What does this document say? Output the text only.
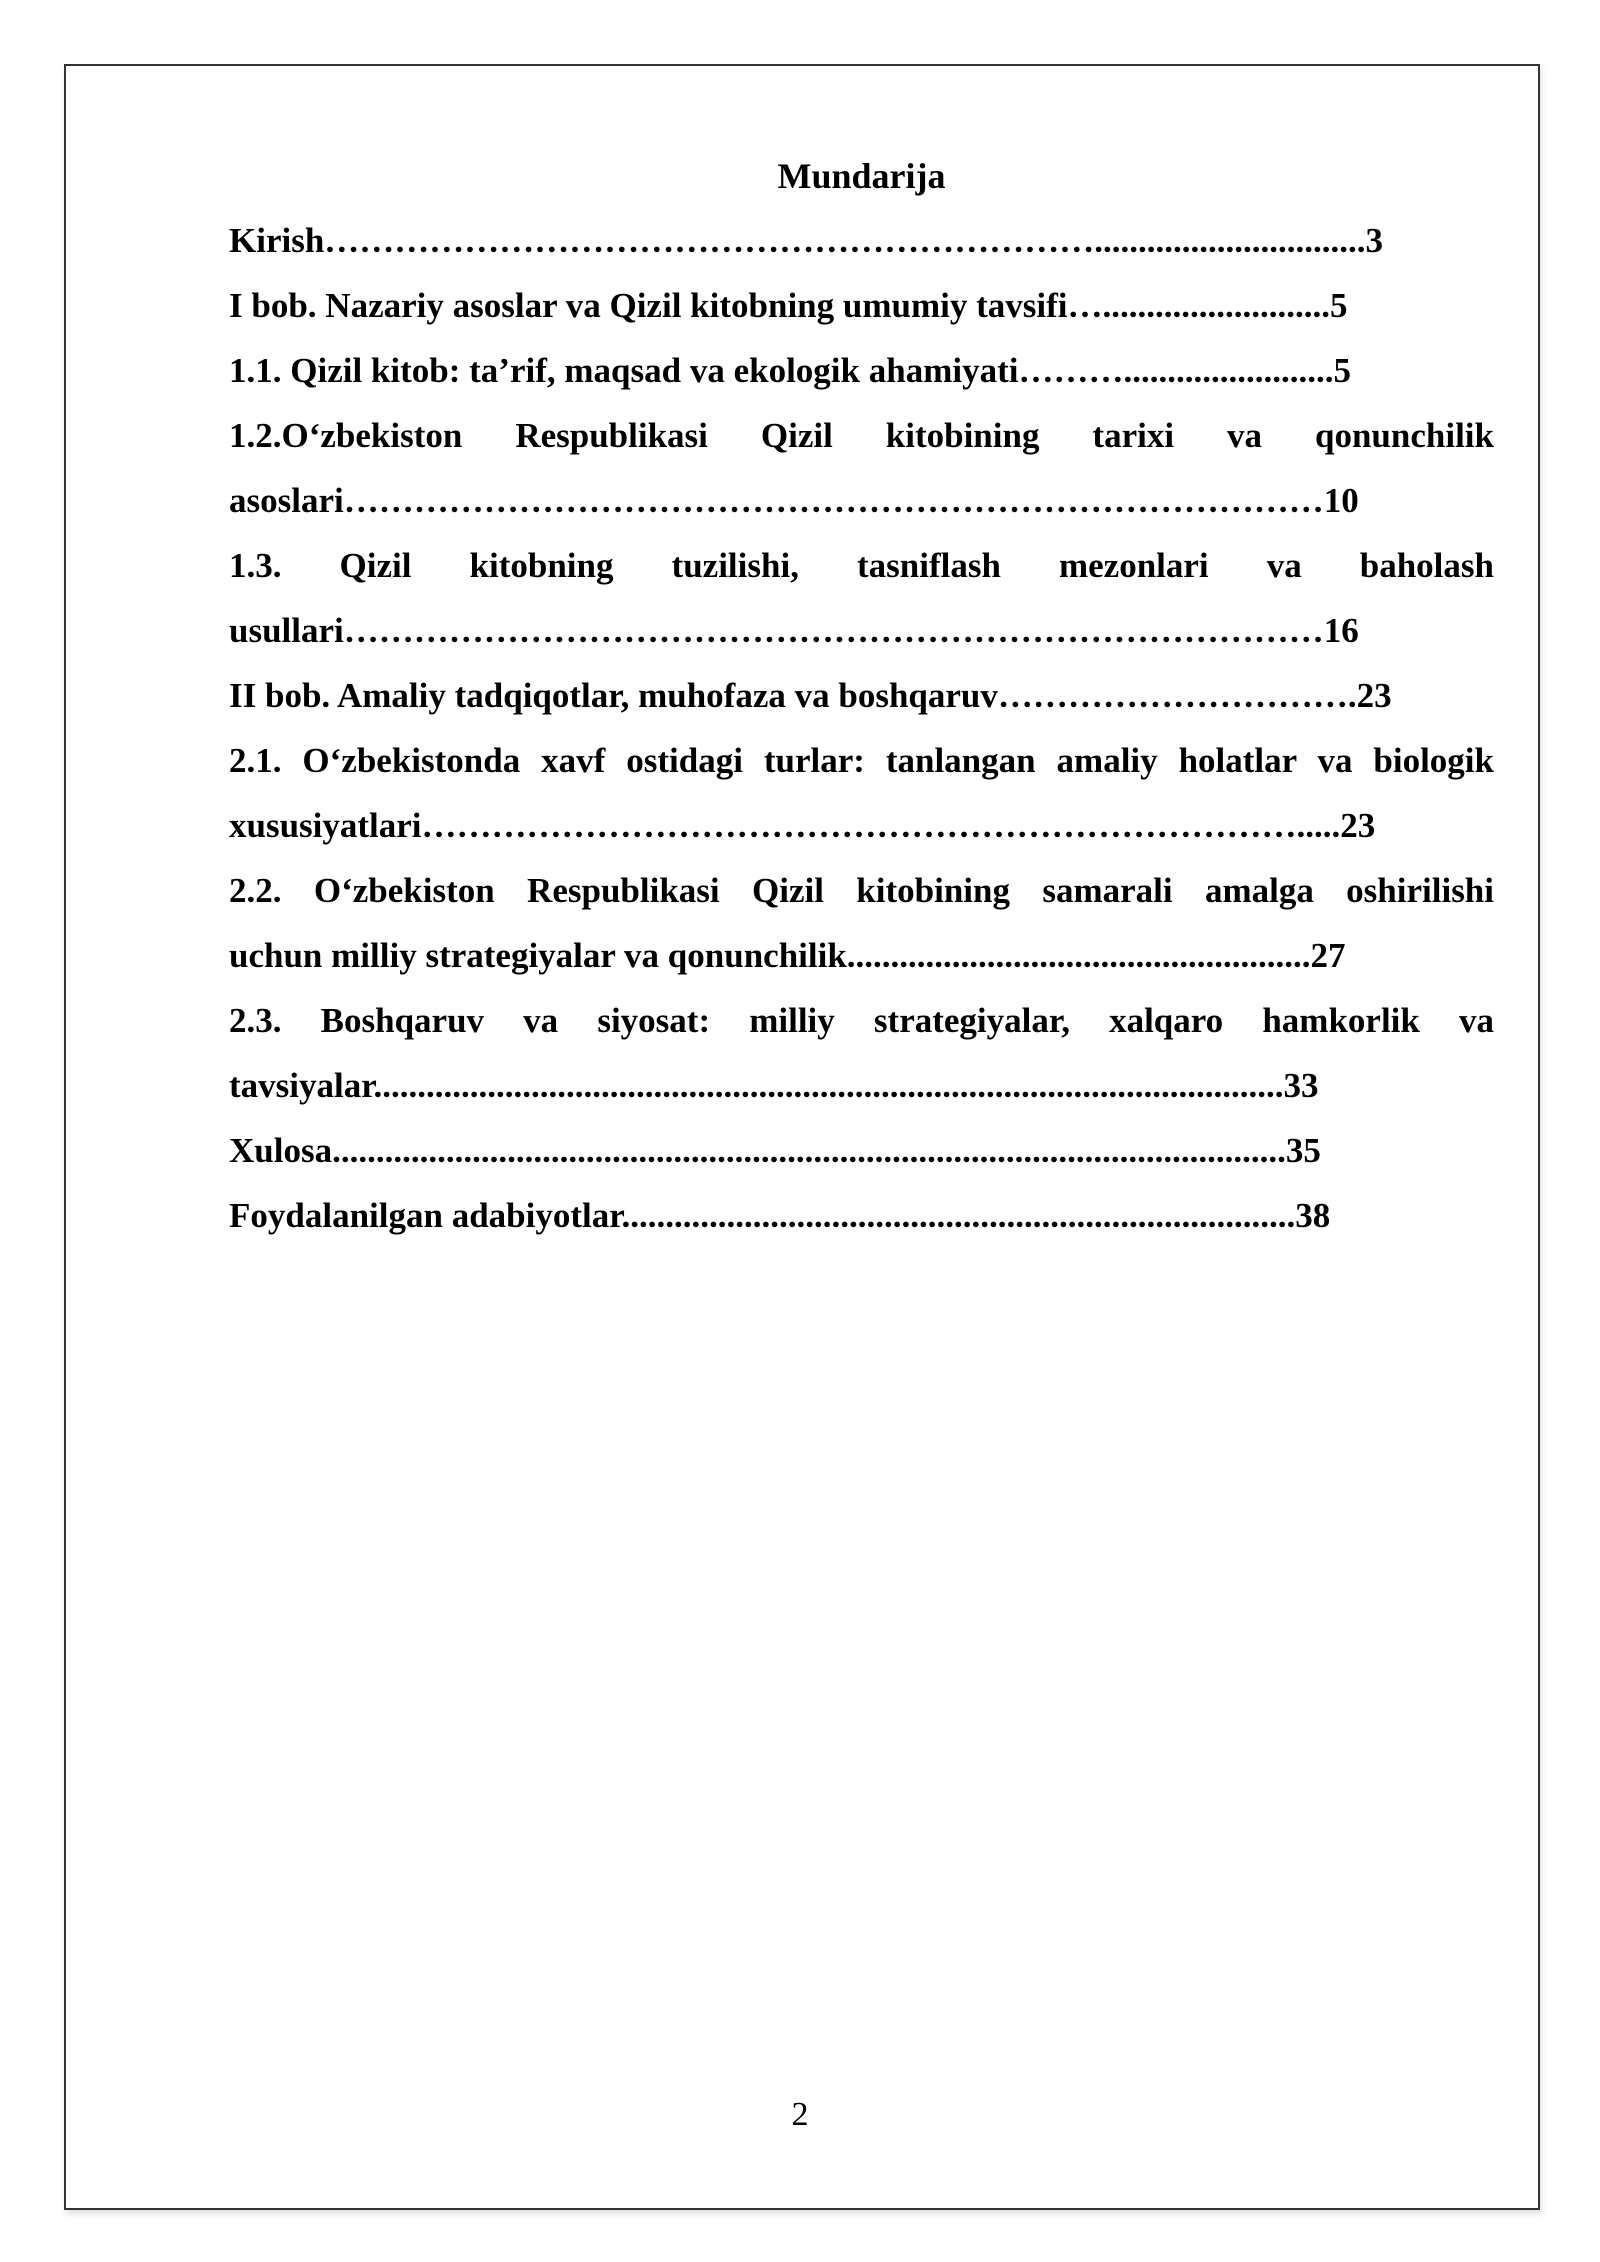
Mundarija
Kirish…………………………………………………………...............................3
I bob. Nazariy asoslar va Qizil kitobning umumiy tavsifi…..........................5
1.1. Qizil kitob: ta’rif, maqsad va ekologik ahamiyati………........................5
1.2.O‘zbekiston Respublikasi Qizil kitobining tarixi va qonunchilik
asoslari…………………………………………………………………………10
1.3. Qizil kitobning tuzilishi, tasniflash mezonlari va baholash
usullari…………………………………………………………………………16
II bob. Amaliy tadqiqotlar, muhofaza va boshqaruv………………………….23
2.1. O‘zbekistonda xavf ostidagi turlar: tanlangan amaliy holatlar va biologik
xususiyatlari………………………………………………………………….....23
2.2. O‘zbekiston Respublikasi Qizil kitobining samarali amalga oshirilishi
uchun milliy strategiyalar va qonunchilik.....................................................27
2.3. Boshqaruv va siyosat: milliy strategiyalar, xalqaro hamkorlik va
tavsiyalar........................................................................................................33
Xulosa.............................................................................................................35
Foydalanilgan adabiyotlar.............................................................................38
2
